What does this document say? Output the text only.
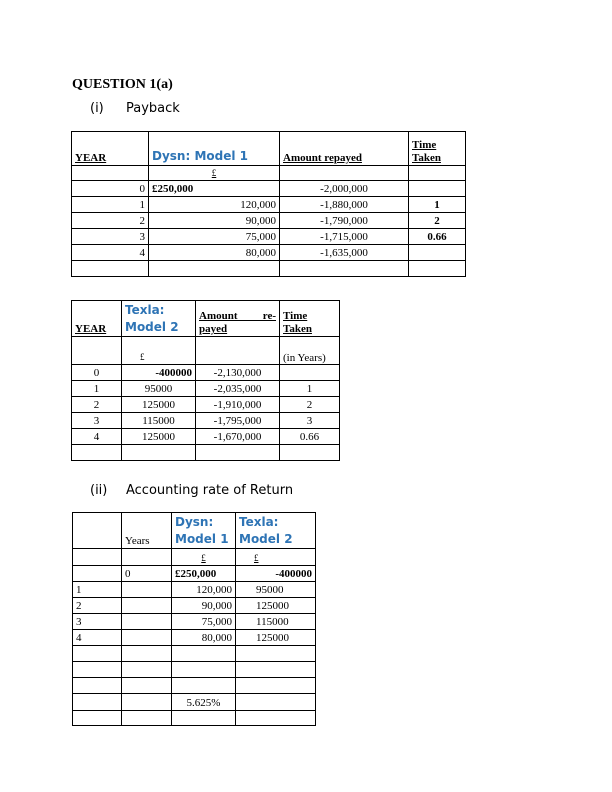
QUESTION 1(a)
(i) Payback
YEAR	Dysn: Model 1	Amount repayed	Time Taken
	£		
0	£250,000	-2,000,000	
1	120,000	-1,880,000	1
2	90,000	-1,790,000	2
3	75,000	-1,715,000	0.66
4	80,000	-1,635,000	

YEAR	Texla: Model 2	Amount re-payed	Time Taken
	£		(in Years)
0	-400000	-2,130,000	
1	95000	-2,035,000	1
2	125000	-1,910,000	2
3	115000	-1,795,000	3
4	125000	-1,670,000	0.66

(ii) Accounting rate of Return
	Years	Dysn: Model 1	Texla: Model 2
		£	£
	0	£250,000	-400000
1		120,000	95000
2		90,000	125000
3		75,000	115000
4		80,000	125000

		5.625%	
